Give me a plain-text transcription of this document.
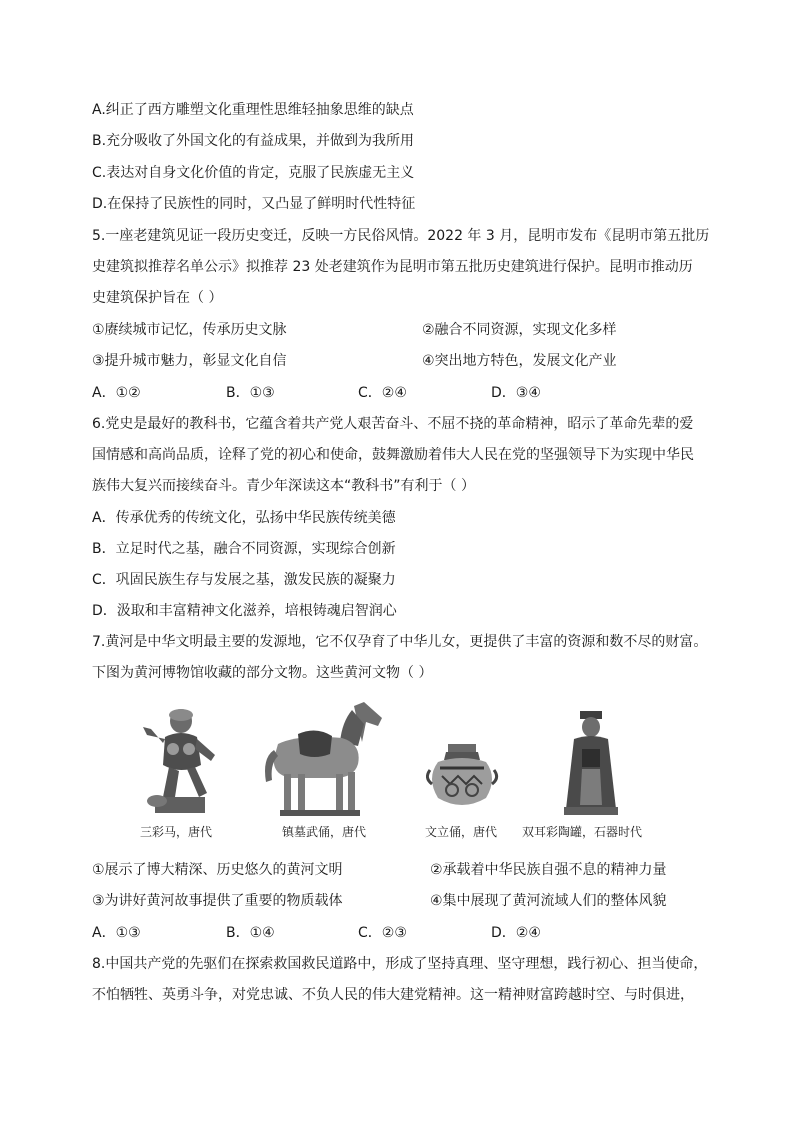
A.纠正了西方雕塑文化重理性思维轻抽象思维的缺点
B.充分吸收了外国文化的有益成果，并做到为我所用
C.表达对自身文化价值的肯定，克服了民族虚无主义
D.在保持了民族性的同时，又凸显了鲜明时代性特征
5.一座老建筑见证一段历史变迁，反映一方民俗风情。2022 年 3 月，昆明市发布《昆明市第五批历
史建筑拟推荐名单公示》拟推荐 23 处老建筑作为昆明市第五批历史建筑进行保护。昆明市推动历
史建筑保护旨在（ ）
①赓续城市记忆，传承历史文脉	②融合不同资源，实现文化多样
③提升城市魅力，彰显文化自信	④突出地方特色，发展文化产业
A．①②	B．①③	C．②④	D．③④
6.党史是最好的教科书，它蕴含着共产党人艰苦奋斗、不屈不挠的革命精神，昭示了革命先辈的爱
国情感和高尚品质，诠释了党的初心和使命，鼓舞激励着伟大人民在党的坚强领导下为实现中华民
族伟大复兴而接续奋斗。青少年深读这本“教科书”有利于（ ）
A．传承优秀的传统文化，弘扬中华民族传统美德
B．立足时代之基，融合不同资源，实现综合创新
C．巩固民族生存与发展之基，激发民族的凝聚力
D．汲取和丰富精神文化滋养，培根铸魂启智润心
7.黄河是中华文明最主要的发源地，它不仅孕育了中华儿女，更提供了丰富的资源和数不尽的财富。
下图为黄河博物馆收藏的部分文物。这些黄河文物（ ）
三彩马，唐代	镇墓武俑，唐代	文立俑，唐代 双耳彩陶罐，石器时代
①展示了博大精深、历史悠久的黄河文明	②承载着中华民族自强不息的精神力量
③为讲好黄河故事提供了重要的物质载体	④集中展现了黄河流域人们的整体风貌
A．①③	B．①④	C．②③	D．②④
8.中国共产党的先驱们在探索救国救民道路中，形成了坚持真理、坚守理想，践行初心、担当使命，
不怕牺牲、英勇斗争，对党忠诚、不负人民的伟大建党精神。这一精神财富跨越时空、与时俱进，
